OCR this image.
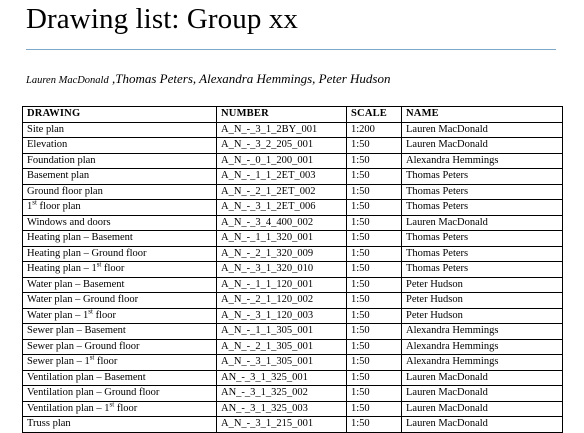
Drawing list: Group xx
Lauren MacDonald ,Thomas Peters, Alexandra Hemmings, Peter Hudson
DRAWING	NUMBER	SCALE	NAME
Site plan	A_N_-_3_1_2BY_001	1:200	Lauren MacDonald
Elevation	A_N_-_3_2_205_001	1:50	Lauren MacDonald
Foundation plan	A_N_-_0_1_200_001	1:50	Alexandra Hemmings
Basement plan	A_N_-_1_1_2ET_003	1:50	Thomas Peters
Ground floor plan	A_N_-_2_1_2ET_002	1:50	Thomas Peters
1st floor plan	A_N_-_3_1_2ET_006	1:50	Thomas Peters
Windows and doors	A_N_-_3_4_400_002	1:50	Lauren MacDonald
Heating plan – Basement	A_N_-_1_1_320_001	1:50	Thomas Peters
Heating plan – Ground floor	A_N_-_2_1_320_009	1:50	Thomas Peters
Heating plan – 1st floor	A_N_-_3_1_320_010	1:50	Thomas Peters
Water plan – Basement	A_N_-_1_1_120_001	1:50	Peter Hudson
Water plan – Ground floor	A_N_-_2_1_120_002	1:50	Peter Hudson
Water plan – 1st floor	A_N_-_3_1_120_003	1:50	Peter Hudson
Sewer plan – Basement	A_N_-_1_1_305_001	1:50	Alexandra Hemmings
Sewer plan – Ground floor	A_N_-_2_1_305_001	1:50	Alexandra Hemmings
Sewer plan – 1st floor	A_N_-_3_1_305_001	1:50	Alexandra Hemmings
Ventilation plan – Basement	AN_-_3_1_325_001	1:50	Lauren MacDonald
Ventilation plan – Ground floor	AN_-_3_1_325_002	1:50	Lauren MacDonald
Ventilation plan – 1st floor	AN_-_3_1_325_003	1:50	Lauren MacDonald
Truss plan	A_N_-_3_1_215_001	1:50	Lauren MacDonald
